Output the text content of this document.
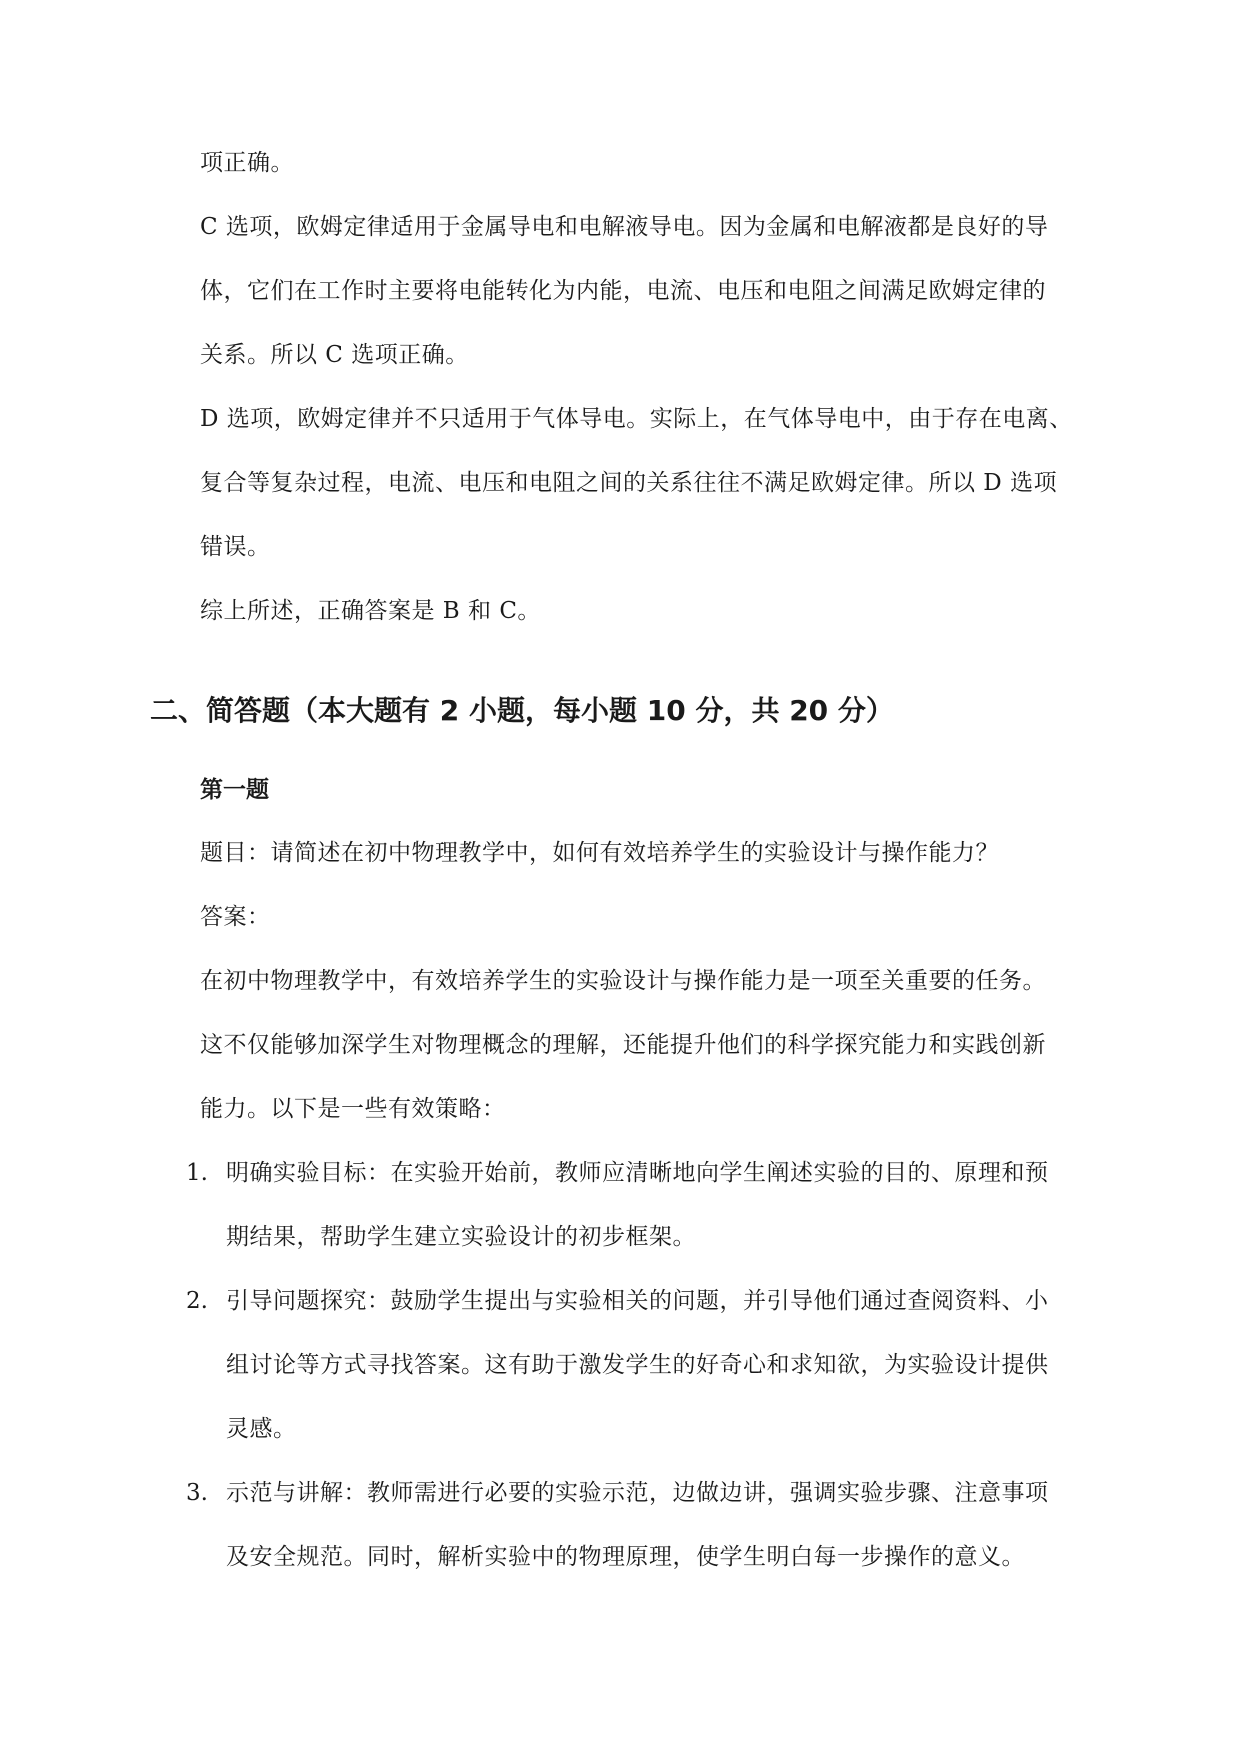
项正确。
C 选项，欧姆定律适用于金属导电和电解液导电。因为金属和电解液都是良好的导
体，它们在工作时主要将电能转化为内能，电流、电压和电阻之间满足欧姆定律的
关系。所以 C 选项正确。
D 选项，欧姆定律并不只适用于气体导电。实际上，在气体导电中，由于存在电离、
复合等复杂过程，电流、电压和电阻之间的关系往往不满足欧姆定律。所以 D 选项
错误。
综上所述，正确答案是 B 和 C。
二、简答题（本大题有 2 小题，每小题 10 分，共 20 分）
第一题
题目：请简述在初中物理教学中，如何有效培养学生的实验设计与操作能力？
答案：
在初中物理教学中，有效培养学生的实验设计与操作能力是一项至关重要的任务。
这不仅能够加深学生对物理概念的理解，还能提升他们的科学探究能力和实践创新
能力。以下是一些有效策略：
1. 明确实验目标：在实验开始前，教师应清晰地向学生阐述实验的目的、原理和预
期结果，帮助学生建立实验设计的初步框架。
2. 引导问题探究：鼓励学生提出与实验相关的问题，并引导他们通过查阅资料、小
组讨论等方式寻找答案。这有助于激发学生的好奇心和求知欲，为实验设计提供
灵感。
3. 示范与讲解：教师需进行必要的实验示范，边做边讲，强调实验步骤、注意事项
及安全规范。同时，解析实验中的物理原理，使学生明白每一步操作的意义。
